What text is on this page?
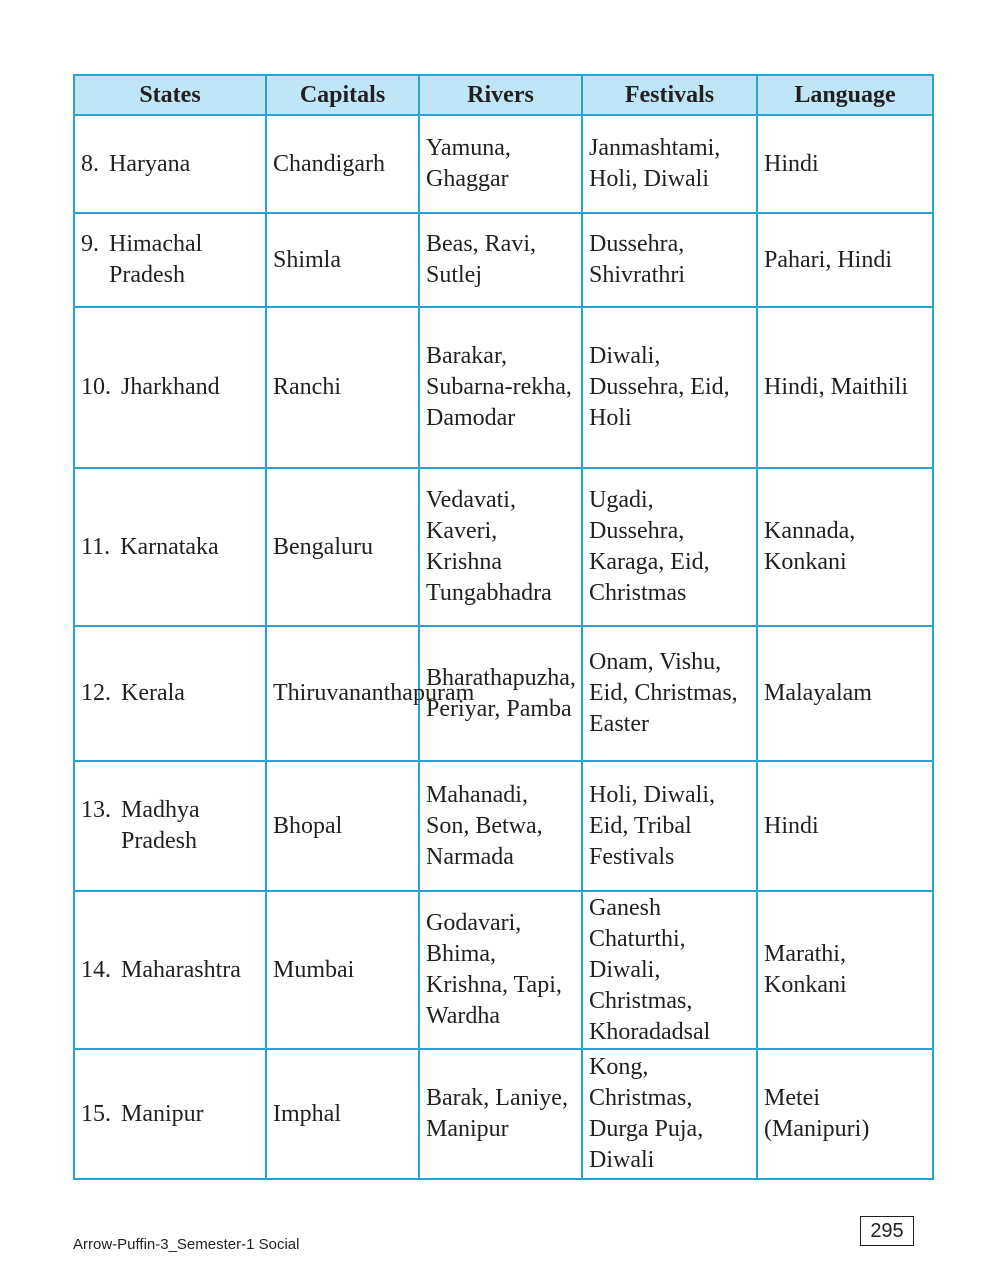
States	Capitals	Rivers	Festivals	Language

8. Haryana	Chandigarh	Yamuna, Ghaggar	Janmashtami, Holi, Diwali	Hindi

9. Himachal Pradesh	Shimla	Beas, Ravi, Sutlej	Dussehra, Shivrathri	Pahari, Hindi

10. Jharkhand	Ranchi	Barakar, Subarna-rekha, Damodar	Diwali, Dussehra, Eid, Holi	Hindi, Maithili

11. Karnataka	Bengaluru	Vedavati, Kaveri, Krishna Tungabhadra	Ugadi, Dussehra, Karaga, Eid, Christmas	Kannada, Konkani

12. Kerala	Thiruvananthapuram	Bharathapuzha, Periyar, Pamba	Onam, Vishu, Eid, Christmas, Easter	Malayalam

13. Madhya Pradesh	Bhopal	Mahanadi, Son, Betwa, Narmada	Holi, Diwali, Eid, Tribal Festivals	Hindi

14. Maharashtra	Mumbai	Godavari, Bhima, Krishna, Tapi, Wardha	Ganesh Chaturthi, Diwali, Christmas, Khoradadsal	Marathi, Konkani

15. Manipur	Imphal	Barak, Laniye, Manipur	Kong, Christmas, Durga Puja, Diwali	Metei (Manipuri)
Arrow-Puffin-3_Semester-1 Social
295
